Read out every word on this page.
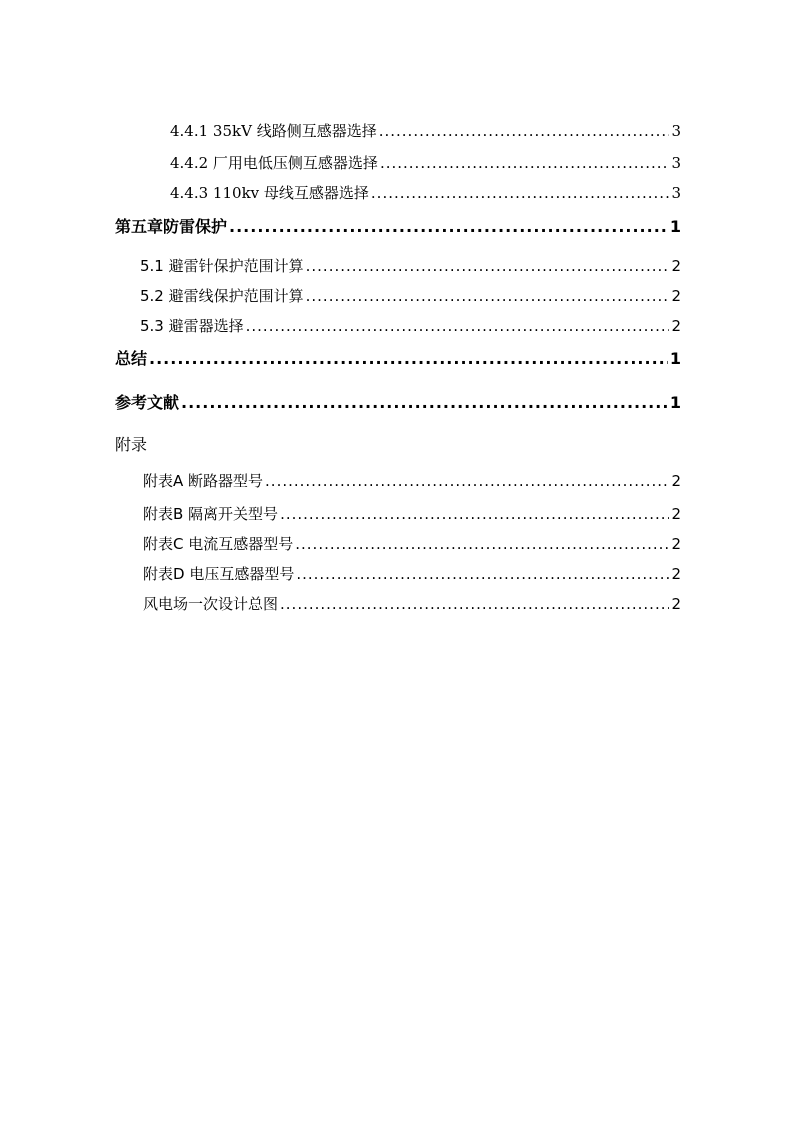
4.4.1 35kV 线路侧互感器选择 .....	3
4.4.2 厂用电低压侧互感器选择 .....	3
4.4.3 110kv 母线互感器选择 .....	3
第五章防雷保护 .....	1
5.1 避雷针保护范围计算 .....	2
5.2 避雷线保护范围计算 .....	2
5.3 避雷器选择 .....	2
总结 .....	1
参考文献 .....	1
附录
附表A 断路器型号 .....	2
附表B 隔离开关型号 .....	2
附表C 电流互感器型号 .....	2
附表D 电压互感器型号 .....	2
风电场一次设计总图 .....	2
